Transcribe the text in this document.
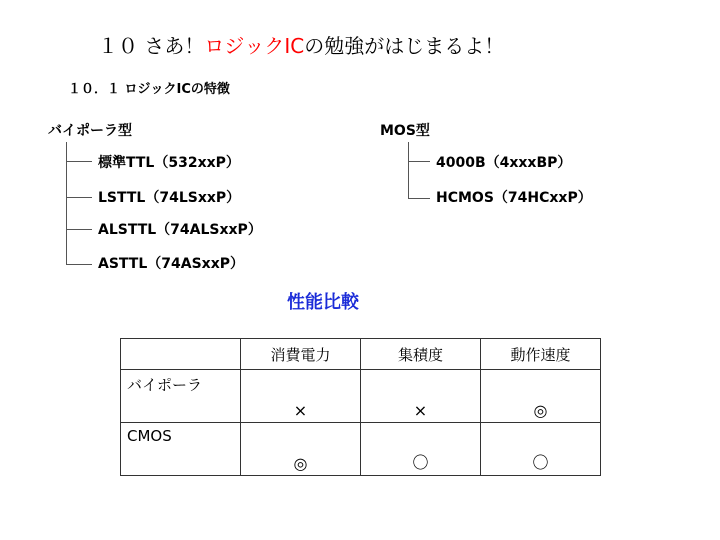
１０ さあ！ロジックICの勉強がはじまるよ！
１０．１ ロジックICの特徴
バイポーラ型
標準TTL（532xxP）
LSTTL（74LSxxP）
ALSTTL（74ALSxxP）
ASTTL（74ASxxP）
MOS型
4000B（4xxxBP）
HCMOS（74HCxxP）
性能比較
	消費電力	集積度	動作速度
バイポーラ	×	×	◎
CMOS	◎	〇	〇
